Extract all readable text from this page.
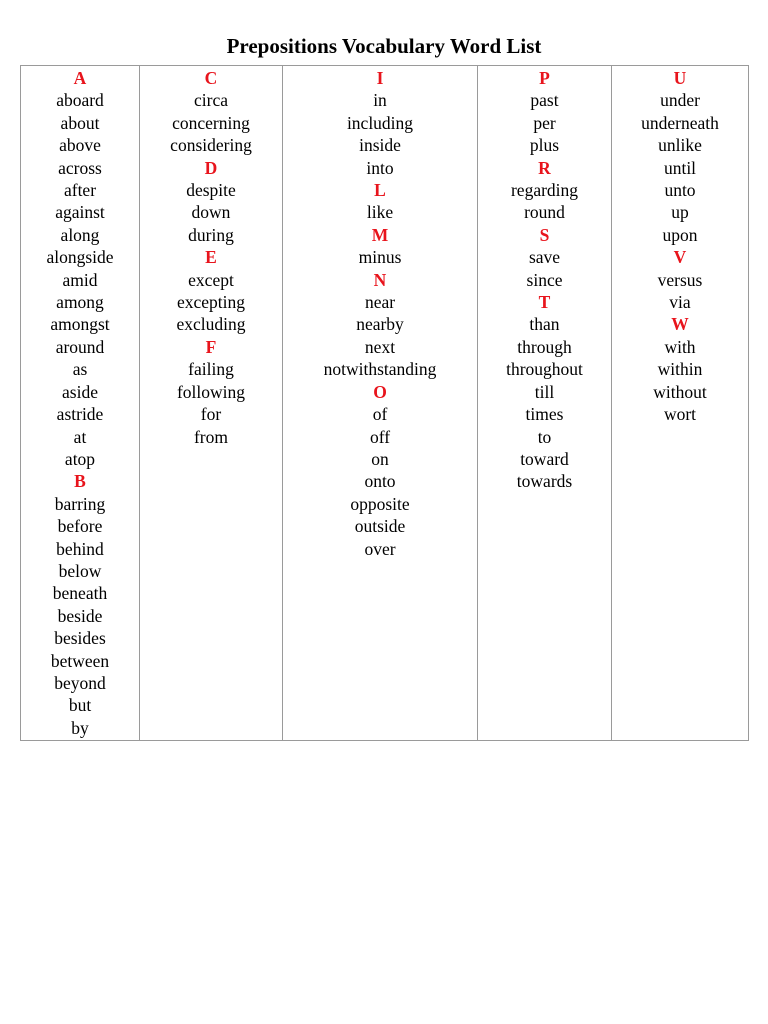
Prepositions Vocabulary Word List
A
aboard
about
above
across
after
against
along
alongside
amid
among
amongst
around
as
aside
astride
at
atop
B
barring
before
behind
below
beneath
beside
besides
between
beyond
but
by

C
circa
concerning
considering
D
despite
down
during
E
except
excepting
excluding
F
failing
following
for
from

I
in
including
inside
into
L
like
M
minus
N
near
nearby
next
notwithstanding
O
of
off
on
onto
opposite
outside
over

P
past
per
plus
R
regarding
round
S
save
since
T
than
through
throughout
till
times
to
toward
towards

U
under
underneath
unlike
until
unto
up
upon
V
versus
via
W
with
within
without
wort
